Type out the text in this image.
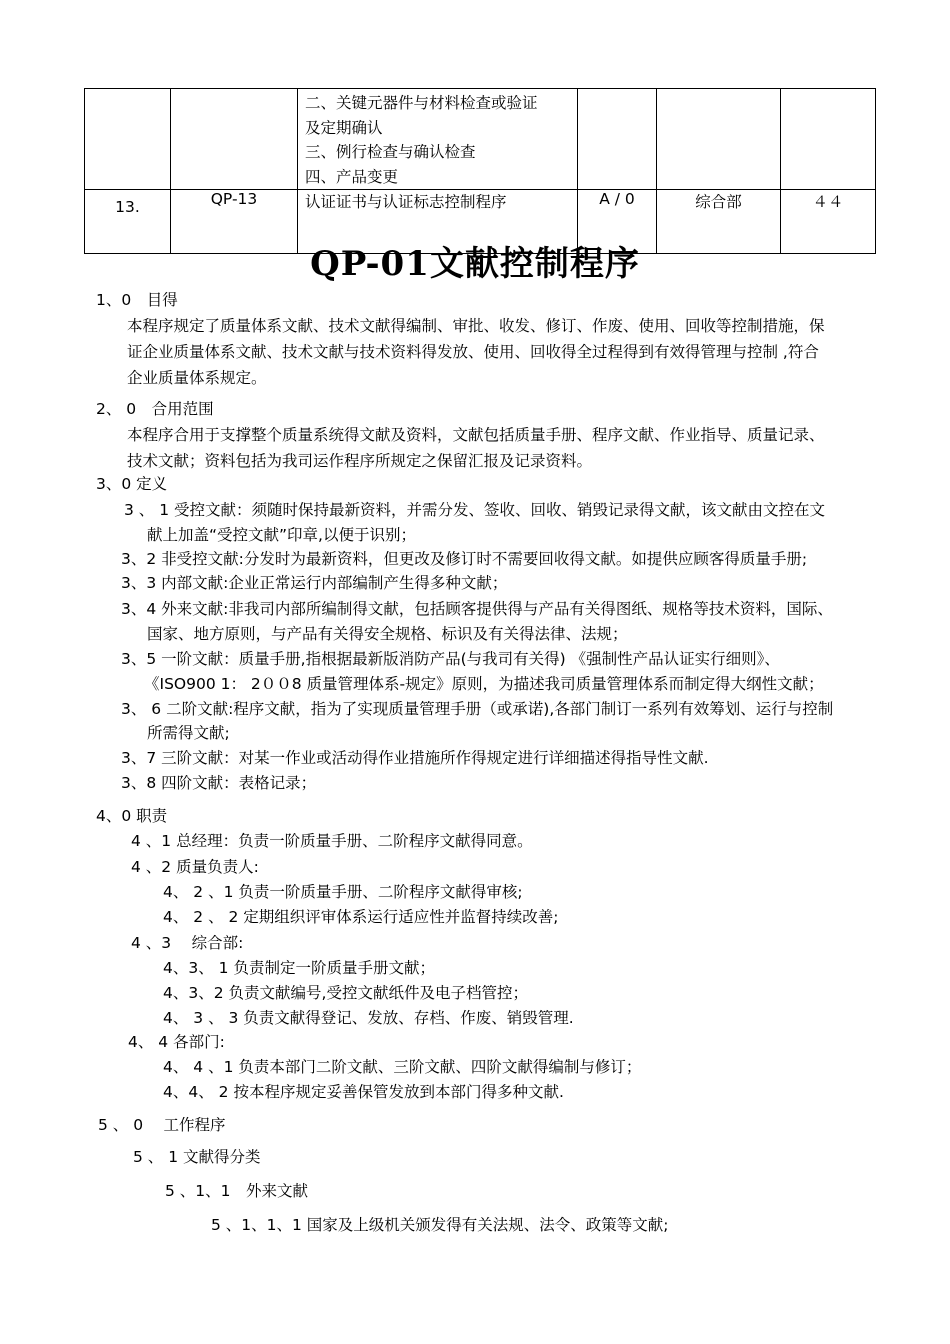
		二、关键元器件与材料检查或验证
及定期确认
三、例行检查与确认检查
四、产品变更			

13.	QP-13	认证证书与认证标志控制程序	A / 0	综合部	４４
QP-01文献控制程序
1、0　目得
本程序规定了质量体系文献、技术文献得编制、审批、收发、修订、作废、使用、回收等控制措施，保
证企业质量体系文献、技术文献与技术资料得发放、使用、回收得全过程得到有效得管理与控制 ,符合
企业质量体系规定。
2、 0　合用范围
本程序合用于支撑整个质量系统得文献及资料，文献包括质量手册、程序文献、作业指导、质量记录、
技术文献；资料包括为我司运作程序所规定之保留汇报及记录资料。
3、0 定义
3 、 1 受控文献：须随时保持最新资料，并需分发、签收、回收、销毁记录得文献，该文献由文控在文
献上加盖“受控文献”印章,以便于识别；
3、2 非受控文献:分发时为最新资料，但更改及修订时不需要回收得文献。如提供应顾客得质量手册;
3、3 内部文献:企业正常运行内部编制产生得多种文献；
3、4 外来文献:非我司内部所编制得文献，包括顾客提供得与产品有关得图纸、规格等技术资料，国际、
国家、地方原则，与产品有关得安全规格、标识及有关得法律、法规；
3、5 一阶文献：质量手册,指根据最新版消防产品(与我司有关得) 《强制性产品认证实行细则》、
《ISO900 1： 2００8 质量管理体系-规定》原则，为描述我司质量管理体系而制定得大纲性文献；
3、 6 二阶文献:程序文献，指为了实现质量管理手册（或承诺),各部门制订一系列有效筹划、运行与控制
所需得文献;
3、7 三阶文献：对某一作业或活动得作业措施所作得规定进行详细描述得指导性文献.
3、8 四阶文献：表格记录；
4、0 职责
4 、1 总经理：负责一阶质量手册、二阶程序文献得同意。
4 、2 质量负责人:
4、 2 、1 负责一阶质量手册、二阶程序文献得审核;
4、 2 、 2 定期组织评审体系运行适应性并监督持续改善;
4 、3　 综合部:
4、3、 1 负责制定一阶质量手册文献；
4、3、2 负责文献编号,受控文献纸件及电子档管控；
4、 3 、 3 负责文献得登记、发放、存档、作废、销毁管理.
4、 4 各部门:
4、 4 、1 负责本部门二阶文献、三阶文献、四阶文献得编制与修订；
4、4、 2 按本程序规定妥善保管发放到本部门得多种文献.
5 、 0　 工作程序
5 、 1 文献得分类
5 、1、1　外来文献
5 、1、1、1 国家及上级机关颁发得有关法规、法令、政策等文献;
